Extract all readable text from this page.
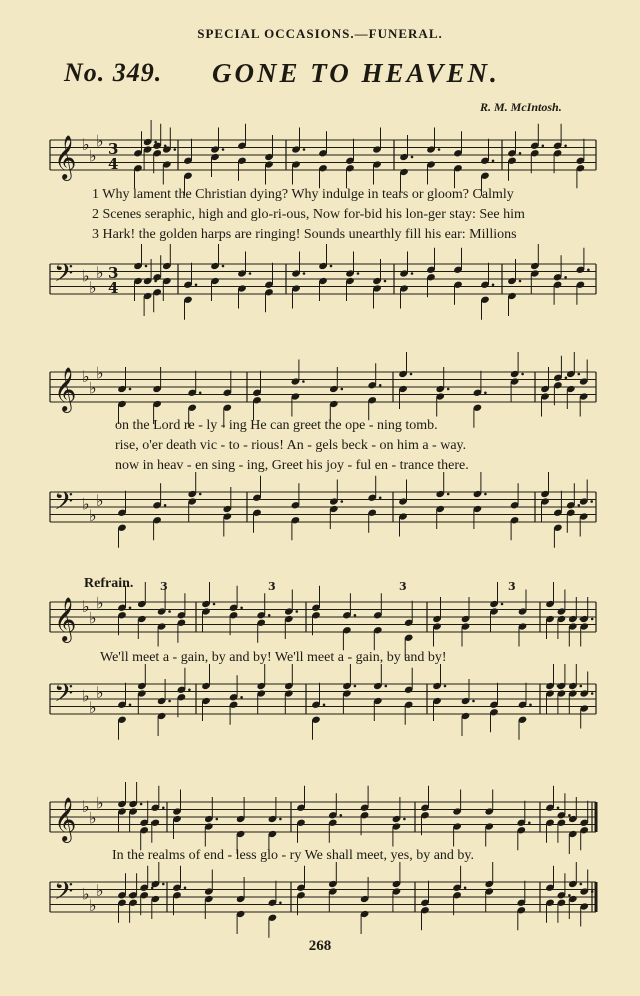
SPECIAL OCCASIONS.—FUNERAL.
No. 349. GONE TO HEAVEN.
R. M. McIntosh.
𝄞 ♭
♭
♭ 3
4
1 Why lament the Christian dying? Why indulge in tears or gloom? Calmly
2 Scenes seraphic, high and glo-ri-ous, Now for-bid his lon-ger stay: See him
3 Hark! the golden harps are ringing! Sounds unearthly fill his ear: Millions
𝄢 ♭
♭
♭ 3
4
𝄞 ♭
♭
♭
on the Lord re - ly - ing He can greet the ope - ning tomb.
rise, o'er death vic - to - rious! An - gels beck - on him a - way.
now in heav - en sing - ing, Greet his joy - ful en - trance there.
𝄢 ♭
♭
♭
Refrain.
𝄞 ♭
♭
♭
3	3	3	3
We'll meet a - gain, by and by! We'll meet a - gain, by and by!
𝄢 ♭
♭
♭
𝄞 ♭
♭
♭
In the realms of end - less glo - ry We shall meet, yes, by and by.
𝄢 ♭
♭
♭
268
